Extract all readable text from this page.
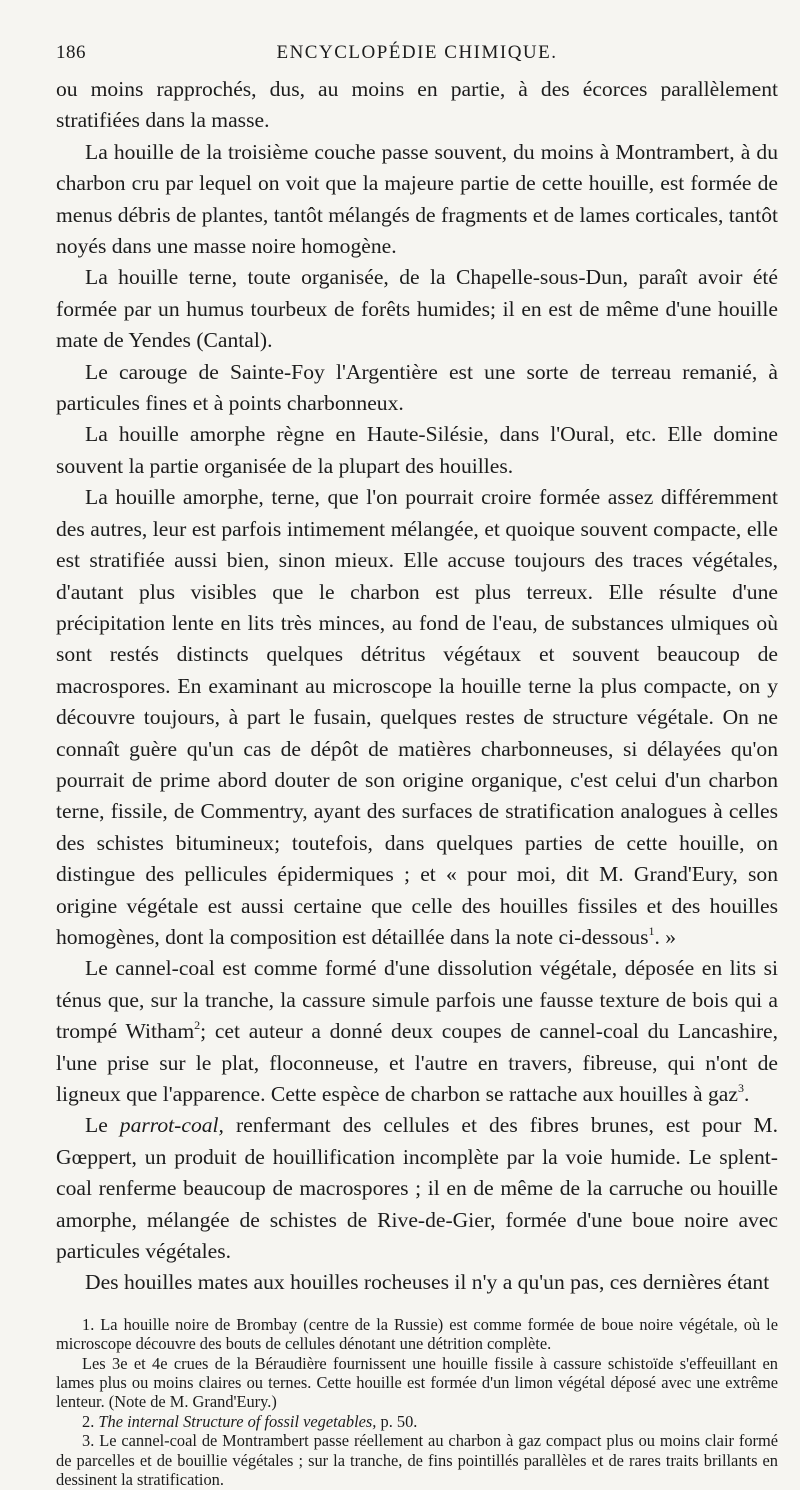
186	ENCYCLOPÉDIE CHIMIQUE.

ou moins rapprochés, dus, au moins en partie, à des écorces parallèlement stratifiées dans la masse.

La houille de la troisième couche passe souvent, du moins à Montrambert, à du charbon cru par lequel on voit que la majeure partie de cette houille, est formée de menus débris de plantes, tantôt mélangés de fragments et de lames corticales, tantôt noyés dans une masse noire homogène.

La houille terne, toute organisée, de la Chapelle-sous-Dun, paraît avoir été formée par un humus tourbeux de forêts humides; il en est de même d'une houille mate de Yendes (Cantal).

Le carouge de Sainte-Foy l'Argentière est une sorte de terreau remanié, à particules fines et à points charbonneux.

La houille amorphe règne en Haute-Silésie, dans l'Oural, etc. Elle domine souvent la partie organisée de la plupart des houilles.

La houille amorphe, terne, que l'on pourrait croire formée assez différemment des autres, leur est parfois intimement mélangée, et quoique souvent compacte, elle est stratifiée aussi bien, sinon mieux. Elle accuse toujours des traces végétales, d'autant plus visibles que le charbon est plus terreux. Elle résulte d'une précipitation lente en lits très minces, au fond de l'eau, de substances ulmiques où sont restés distincts quelques détritus végétaux et souvent beaucoup de macrospores. En examinant au microscope la houille terne la plus compacte, on y découvre toujours, à part le fusain, quelques restes de structure végétale. On ne connaît guère qu'un cas de dépôt de matières charbonneuses, si délayées qu'on pourrait de prime abord douter de son origine organique, c'est celui d'un charbon terne, fissile, de Commentry, ayant des surfaces de stratification analogues à celles des schistes bitumineux; toutefois, dans quelques parties de cette houille, on distingue des pellicules épidermiques ; et « pour moi, dit M. Grand'Eury, son origine végétale est aussi certaine que celle des houilles fissiles et des houilles homogènes, dont la composition est détaillée dans la note ci-dessous$^1$. »

Le cannel-coal est comme formé d'une dissolution végétale, déposée en lits si ténus que, sur la tranche, la cassure simule parfois une fausse texture de bois qui a trompé Witham$^2$; cet auteur a donné deux coupes de cannel-coal du Lancashire, l'une prise sur le plat, floconneuse, et l'autre en travers, fibreuse, qui n'ont de ligneux que l'apparence. Cette espèce de charbon se rattache aux houilles à gaz$^3$.

Le parrot-coal, renfermant des cellules et des fibres brunes, est pour M. Gœppert, un produit de houillification incomplète par la voie humide. Le splent-coal renferme beaucoup de macrospores ; il en de même de la carruche ou houille amorphe, mélangée de schistes de Rive-de-Gier, formée d'une boue noire avec particules végétales.

Des houilles mates aux houilles rocheuses il n'y a qu'un pas, ces dernières étant

1. La houille noire de Brombay (centre de la Russie) est comme formée de boue noire végétale, où le microscope découvre des bouts de cellules dénotant une détrition complète.

Les 3e et 4e crues de la Béraudière fournissent une houille fissile à cassure schistoïde s'effeuillant en lames plus ou moins claires ou ternes. Cette houille est formée d'un limon végétal déposé avec une extrême lenteur. (Note de M. Grand'Eury.)

2. The internal Structure of fossil vegetables, p. 50.

3. Le cannel-coal de Montrambert passe réellement au charbon à gaz compact plus ou moins clair formé de parcelles et de bouillie végétales ; sur la tranche, de fins pointillés parallèles et de rares traits brillants en dessinent la stratification.
